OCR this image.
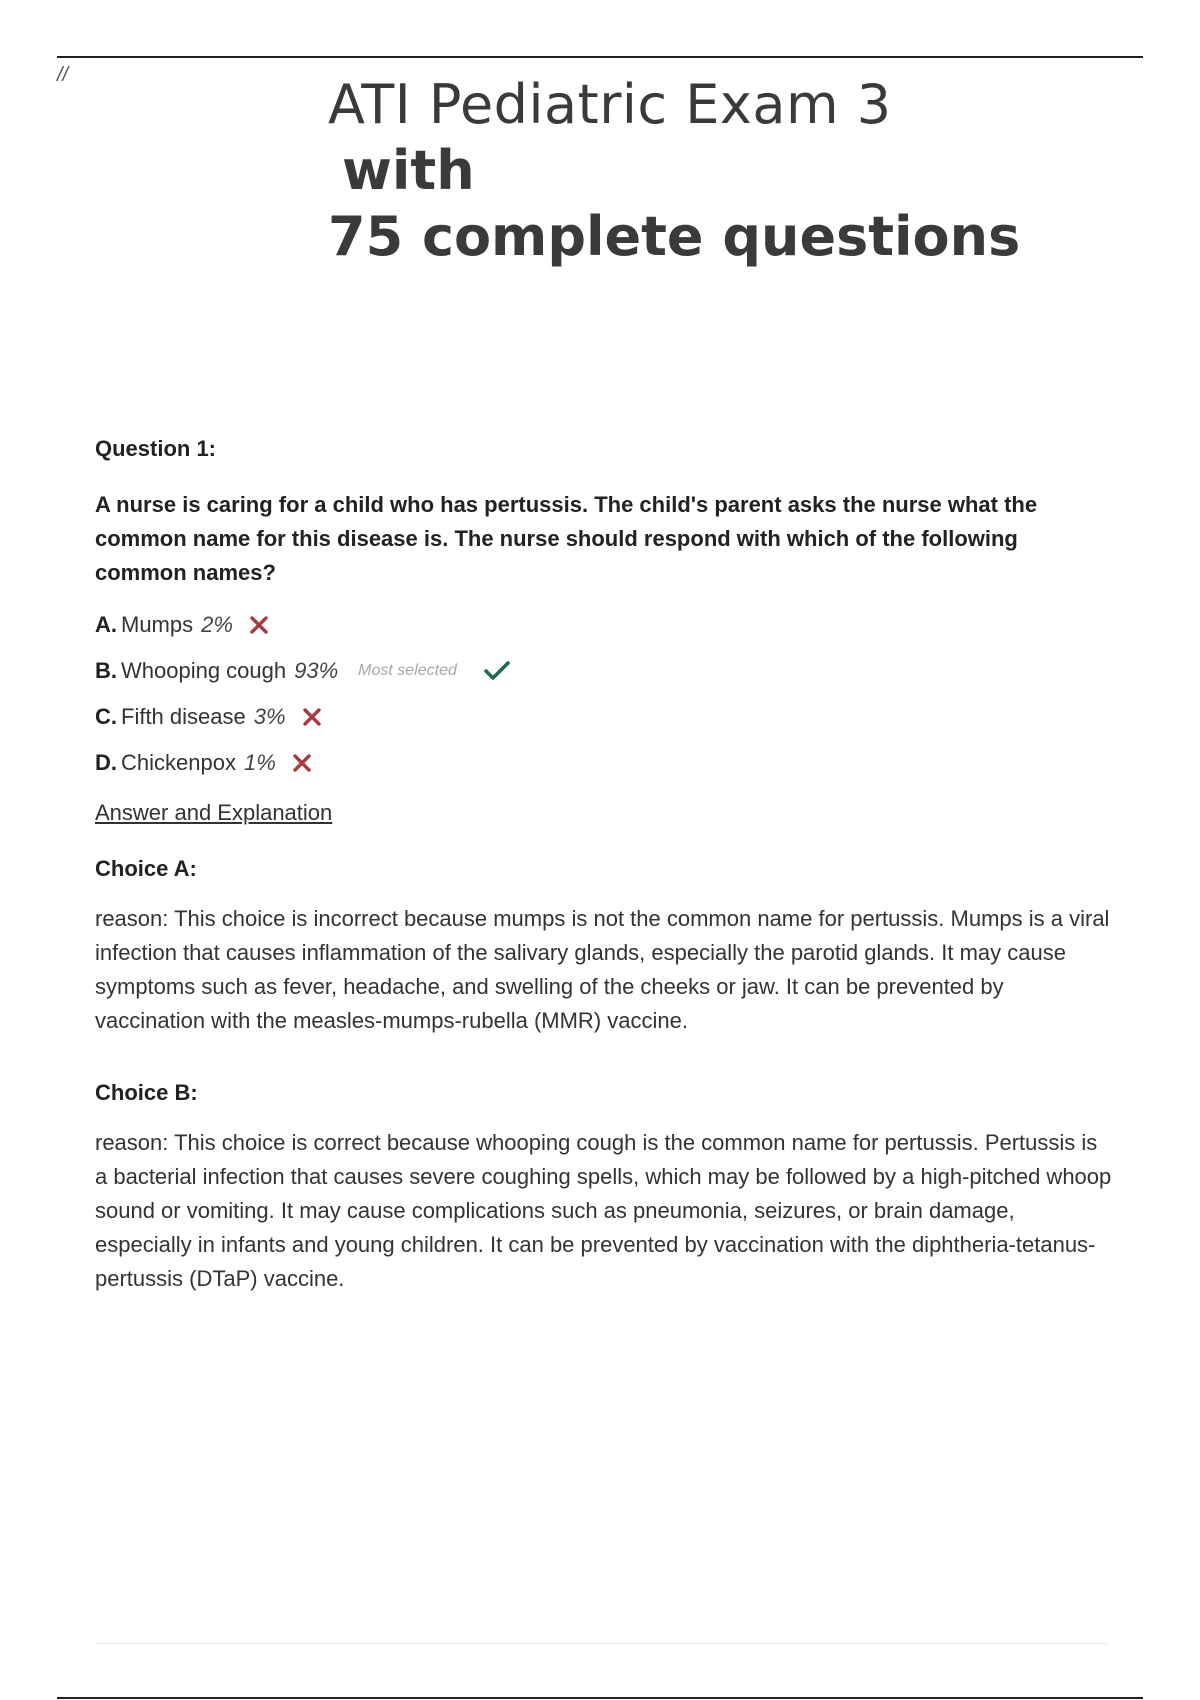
//	ATI Pediatric Exam 3
with
75 complete questions
Question 1:
A nurse is caring for a child who has pertussis. The child's parent asks the nurse what the common name for this disease is. The nurse should respond with which of the following common names?
A. Mumps 2%
B. Whooping cough 93% Most selected
C. Fifth disease 3%
D. Chickenpox 1%
Answer and Explanation
Choice A:
reason: This choice is incorrect because mumps is not the common name for pertussis. Mumps is a viral infection that causes inflammation of the salivary glands, especially the parotid glands. It may cause symptoms such as fever, headache, and swelling of the cheeks or jaw. It can be prevented by vaccination with the measles-mumps-rubella (MMR) vaccine.
Choice B:
reason: This choice is correct because whooping cough is the common name for pertussis. Pertussis is a bacterial infection that causes severe coughing spells, which may be followed by a high-pitched whoop sound or vomiting. It may cause complications such as pneumonia, seizures, or brain damage, especially in infants and young children. It can be prevented by vaccination with the diphtheria-tetanus-pertussis (DTaP) vaccine.
